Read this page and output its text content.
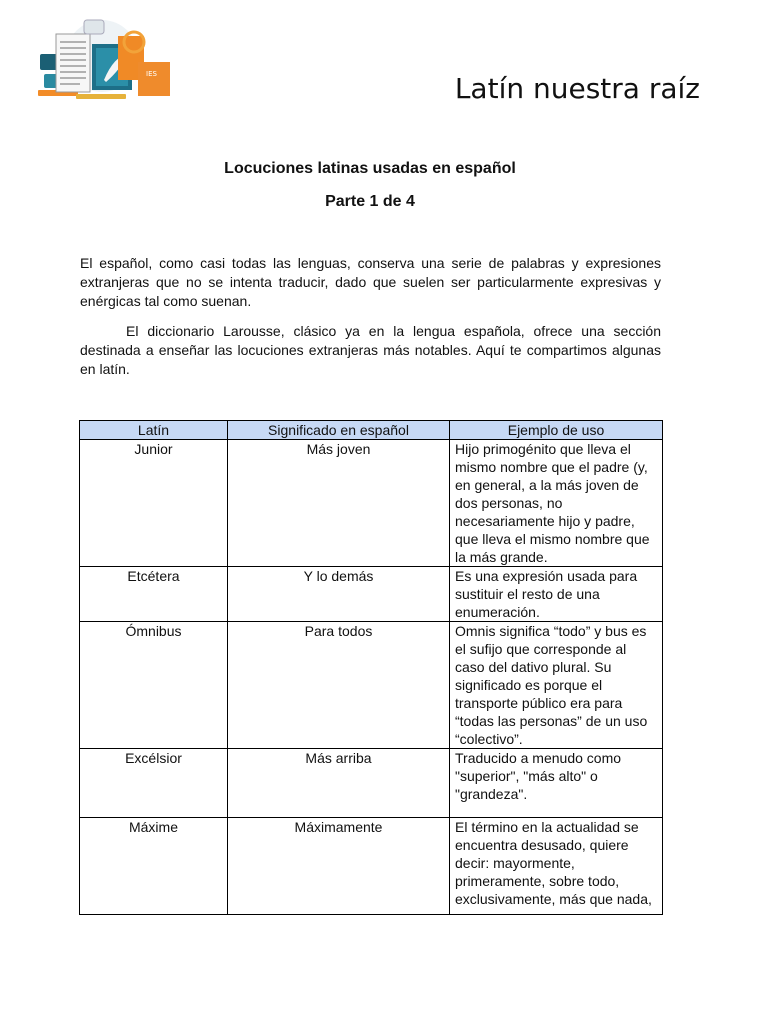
IES	Latín nuestra raíz
Locuciones latinas usadas en español
Parte 1 de 4

El español, como casi todas las lenguas, conserva una serie de palabras y expresiones extranjeras que no se intenta traducir, dado que suelen ser particularmente expresivas y enérgicas tal como suenan.

El diccionario Larousse, clásico ya en la lengua española, ofrece una sección destinada a enseñar las locuciones extranjeras más notables. Aquí te compartimos algunas en latín.

Latín	Significado en español	Ejemplo de uso
Junior	Más joven	Hijo primogénito que lleva el mismo nombre que el padre (y, en general, a la más joven de dos personas, no necesariamente hijo y padre, que lleva el mismo nombre que la más grande.
Etcétera	Y lo demás	Es una expresión usada para sustituir el resto de una enumeración.
Ómnibus	Para todos	Omnis significa “todo” y bus es el sufijo que corresponde al caso del dativo plural. Su significado es porque el transporte público era para “todas las personas” de un uso “colectivo”.
Excélsior	Más arriba	Traducido a menudo como "superior", "más alto" o "grandeza".
Máxime	Máximamente	El término en la actualidad se encuentra desusado, quiere decir: mayormente, primeramente, sobre todo, exclusivamente, más que nada,
